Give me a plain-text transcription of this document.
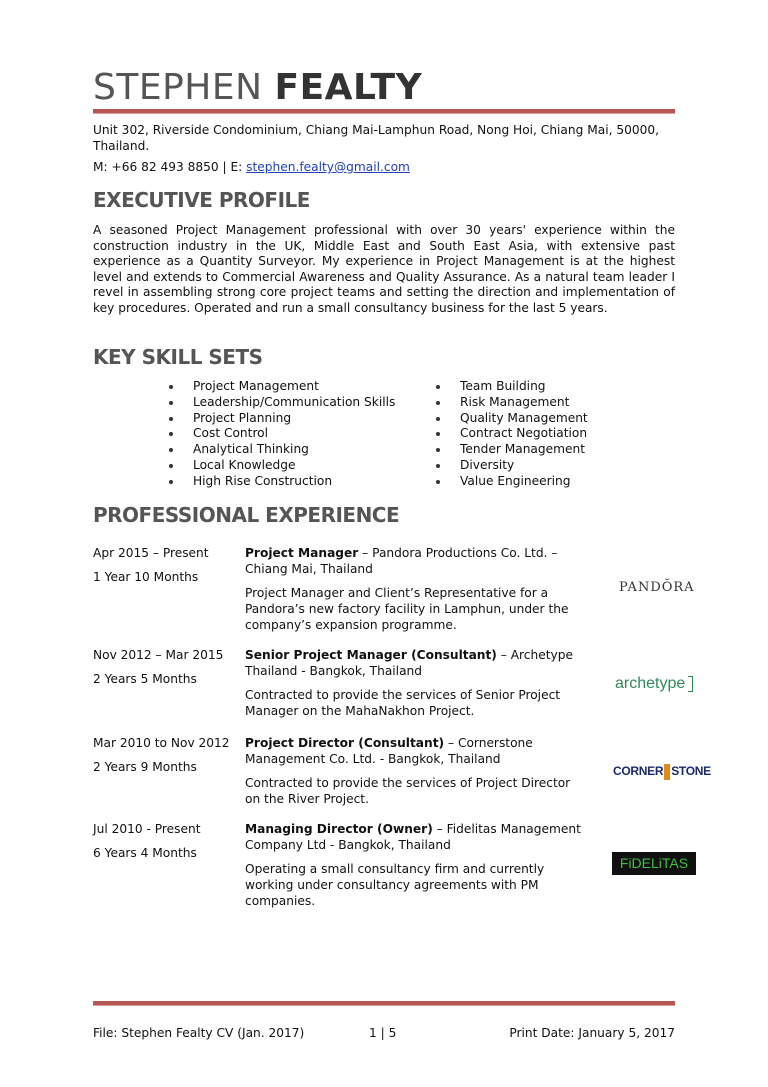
STEPHEN FEALTY
Unit 302, Riverside Condominium, Chiang Mai-Lamphun Road, Nong Hoi, Chiang Mai, 50000, Thailand.
M: +66 82 493 8850 | E: stephen.fealty@gmail.com
EXECUTIVE PROFILE
A seasoned Project Management professional with over 30 years' experience within the construction industry in the UK, Middle East and South East Asia, with extensive past experience as a Quantity Surveyor. My experience in Project Management is at the highest level and extends to Commercial Awareness and Quality Assurance. As a natural team leader I revel in assembling strong core project teams and setting the direction and implementation of key procedures. Operated and run a small consultancy business for the last 5 years.
KEY SKILL SETS
Project Management
Leadership/Communication Skills
Project Planning
Cost Control
Analytical Thinking
Local Knowledge
High Rise Construction
Team Building
Risk Management
Quality Management
Contract Negotiation
Tender Management
Diversity
Value Engineering
PROFESSIONAL EXPERIENCE
Apr 2015 – Present
1 Year 10 Months
Project Manager – Pandora Productions Co. Ltd. – Chiang Mai, Thailand
Project Manager and Client’s Representative for a Pandora’s new factory facility in Lamphun, under the company’s expansion programme.
PANDŎRA
Nov 2012 – Mar 2015
2 Years 5 Months
Senior Project Manager (Consultant) – Archetype Thailand - Bangkok, Thailand
Contracted to provide the services of Senior Project Manager on the MahaNakhon Project.
archetype
Mar 2010 to Nov 2012
2 Years 9 Months
Project Director (Consultant) – Cornerstone Management Co. Ltd. - Bangkok, Thailand
Contracted to provide the services of Project Director on the River Project.
CORNER STONE
Jul 2010 - Present
6 Years 4 Months
Managing Director (Owner) – Fidelitas Management Company Ltd - Bangkok, Thailand
Operating a small consultancy firm and currently working under consultancy agreements with PM companies.
FiDELiTAS
File: Stephen Fealty CV (Jan. 2017)	1 | 5	Print Date: January 5, 2017
